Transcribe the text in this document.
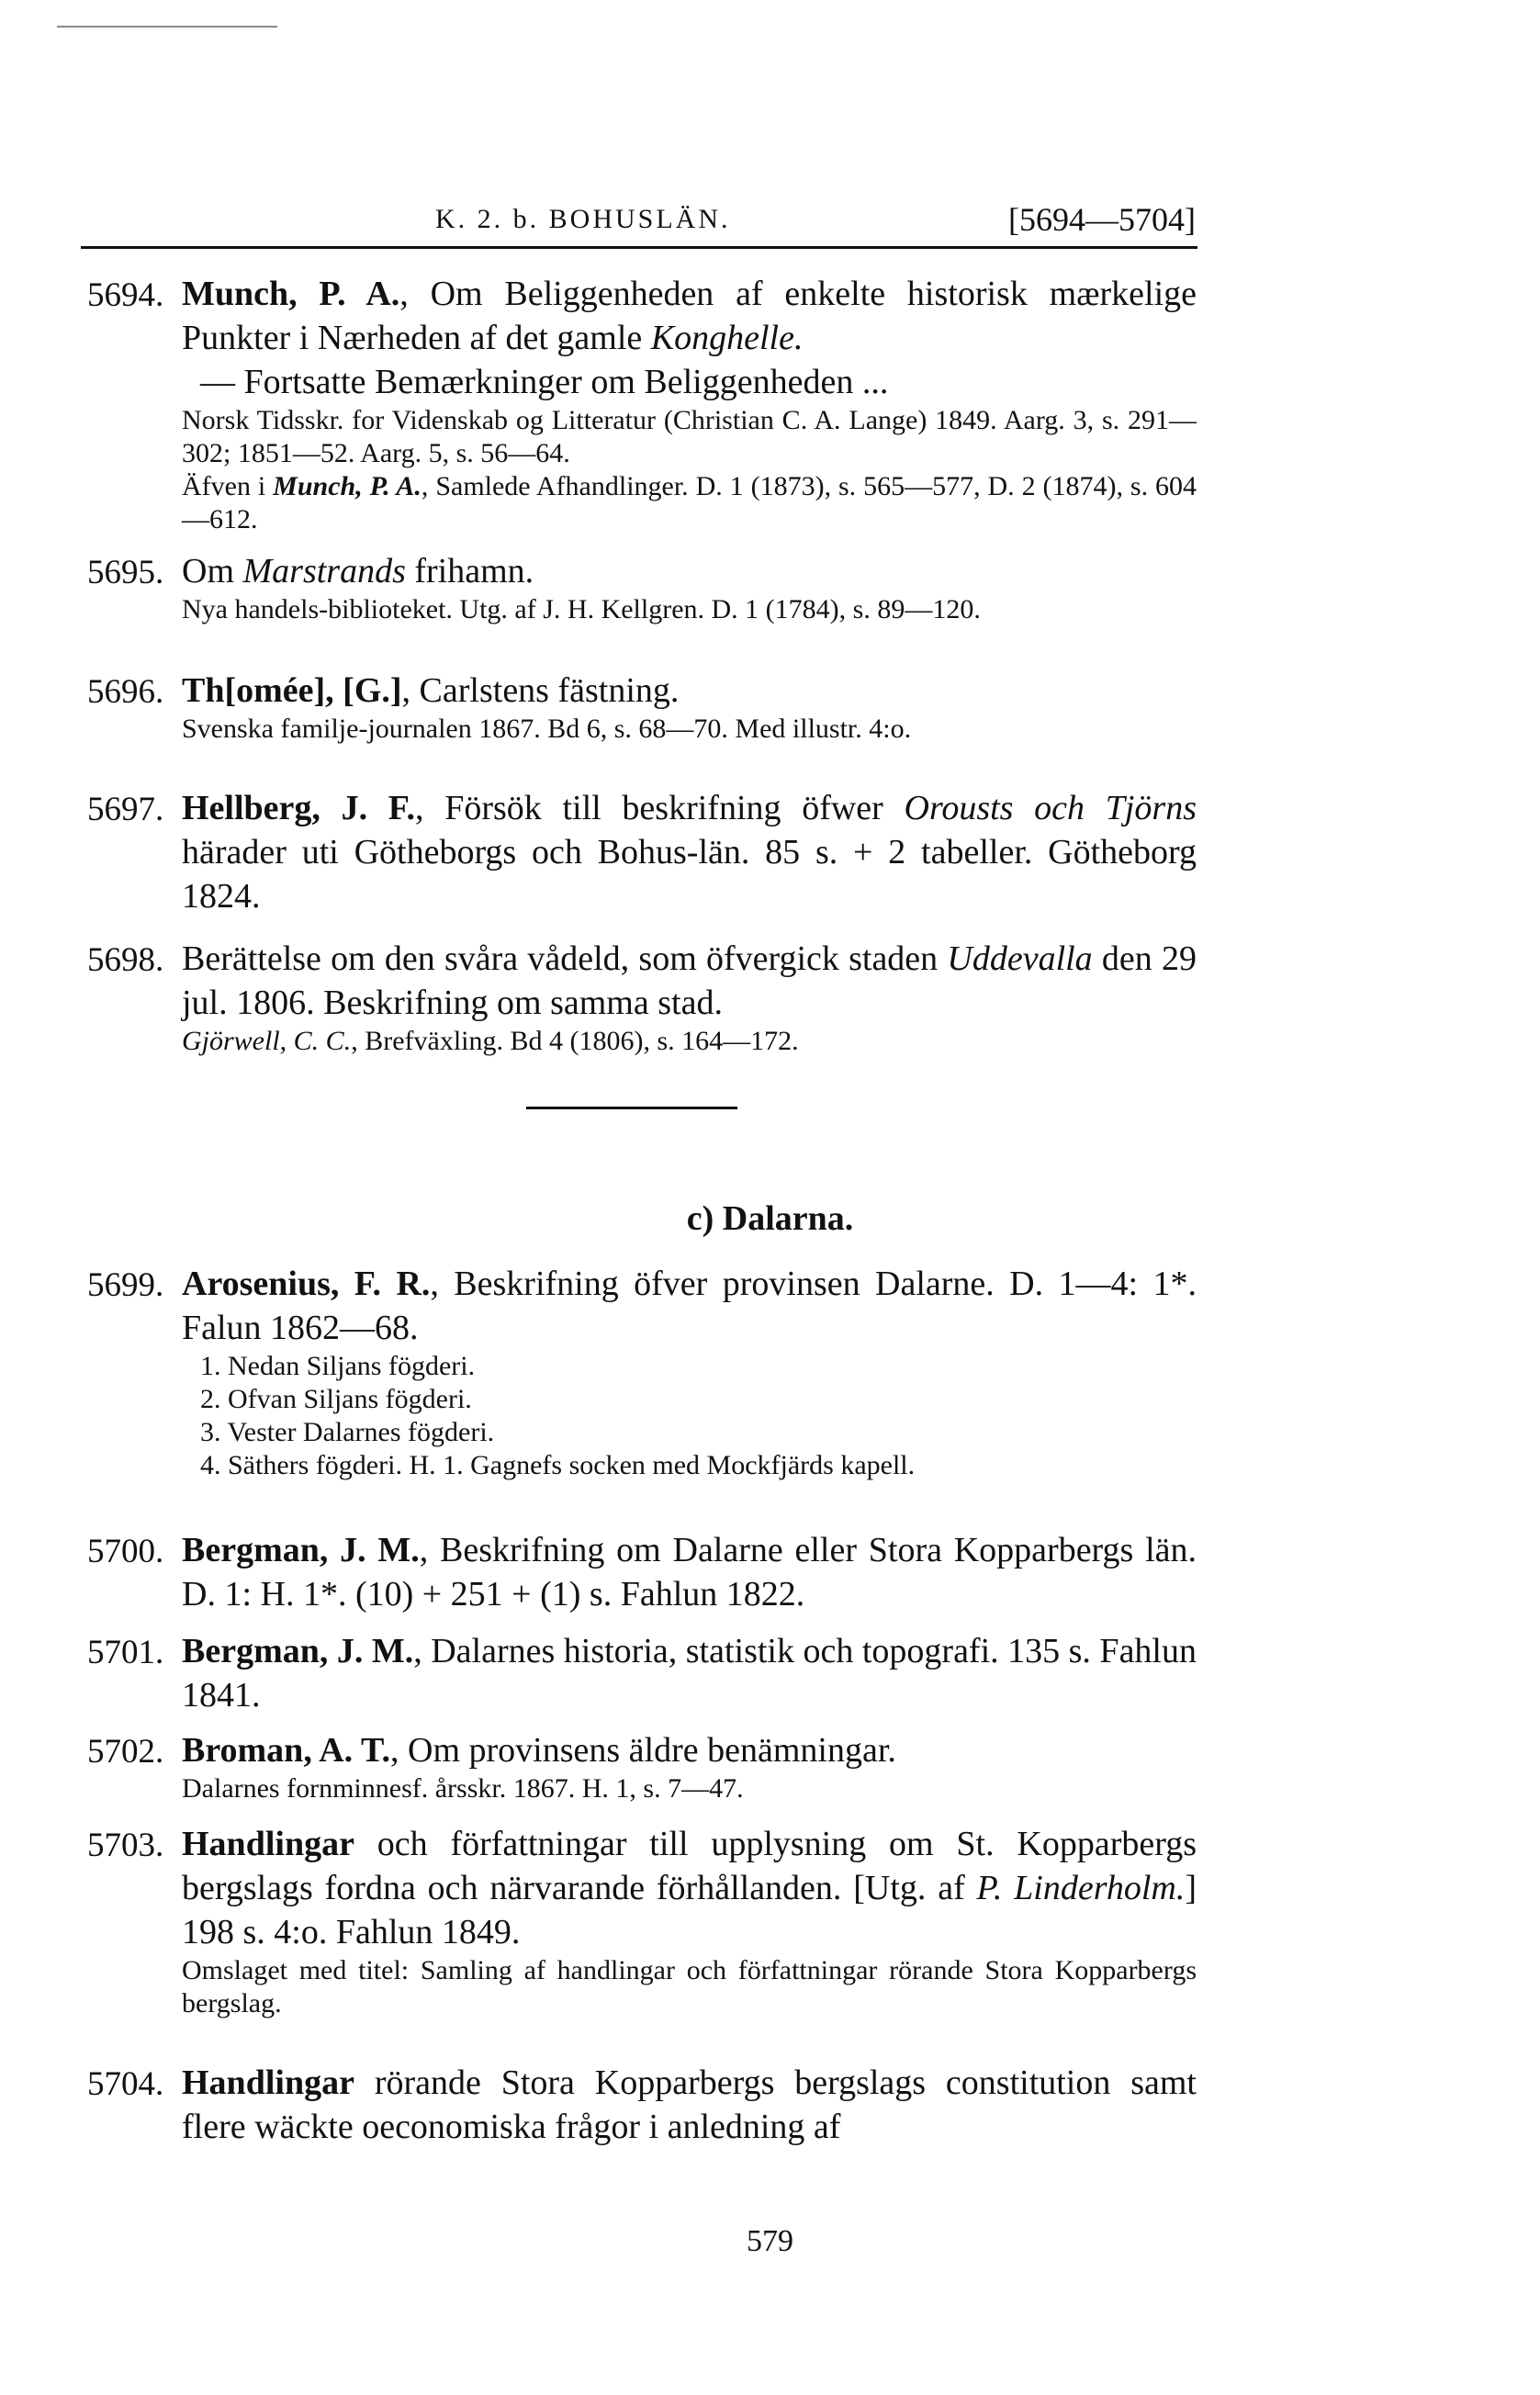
K. 2. b. BOHUSLÄN.	[5694—5704]
5694. Munch, P. A., Om Beliggenheden af enkelte historisk mærkelige Punkter i Nærheden af det gamle Konghelle.
— Fortsatte Bemærkninger om Beliggenheden ...
Norsk Tidsskr. for Videnskab og Litteratur (Christian C. A. Lange) 1849. Aarg. 3, s. 291—302; 1851—52. Aarg. 5, s. 56—64.
Äfven i Munch, P. A., Samlede Afhandlinger. D. 1 (1873), s. 565—577, D. 2 (1874), s. 604—612.
5695. Om Marstrands frihamn.
Nya handels-biblioteket. Utg. af J. H. Kellgren. D. 1 (1784), s. 89—120.
5696. Th[omée], [G.], Carlstens fästning.
Svenska familje-journalen 1867. Bd 6, s. 68—70. Med illustr. 4:o.
5697. Hellberg, J. F., Försök till beskrifning öfwer Orousts och Tjörns härader uti Götheborgs och Bohus-län. 85 s. + 2 tabeller. Götheborg 1824.
5698. Berättelse om den svåra vådeld, som öfvergick staden Uddevalla den 29 jul. 1806. Beskrifning om samma stad.
Gjörwell, C. C., Brefväxling. Bd 4 (1806), s. 164—172.
c) Dalarna.
5699. Arosenius, F. R., Beskrifning öfver provinsen Dalarne. D. 1—4: 1*. Falun 1862—68.
1. Nedan Siljans fögderi.
2. Ofvan Siljans fögderi.
3. Vester Dalarnes fögderi.
4. Säthers fögderi. H. 1. Gagnefs socken med Mockfjärds kapell.
5700. Bergman, J. M., Beskrifning om Dalarne eller Stora Kopparbergs län. D. 1: H. 1*. (10) + 251 + (1) s. Fahlun 1822.
5701. Bergman, J. M., Dalarnes historia, statistik och topografi. 135 s. Fahlun 1841.
5702. Broman, A. T., Om provinsens äldre benämningar.
Dalarnes fornminnesf. årsskr. 1867. H. 1, s. 7—47.
5703. Handlingar och författningar till upplysning om St. Kopparbergs bergslags fordna och närvarande förhållanden. [Utg. af P. Linderholm.] 198 s. 4:o. Fahlun 1849.
Omslaget med titel: Samling af handlingar och författningar rörande Stora Kopparbergs bergslag.
5704. Handlingar rörande Stora Kopparbergs bergslags constitution samt flere wäckte oeconomiska frågor i anledning af
579
